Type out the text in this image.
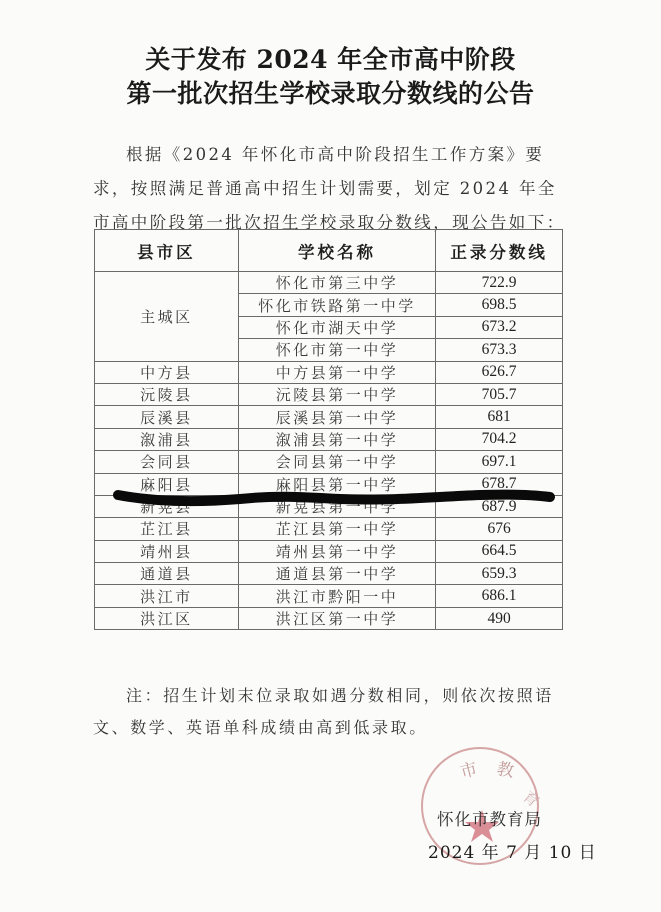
关于发布 2024 年全市高中阶段
第一批次招生学校录取分数线的公告
根据《2024 年怀化市高中阶段招生工作方案》要求，按照满足普通高中招生计划需要，划定 2024 年全市高中阶段第一批次招生学校录取分数线，现公告如下：
县市区	学校名称	正录分数线
主城区	怀化市第三中学	722.9
	怀化市铁路第一中学	698.5
	怀化市湖天中学	673.2
	怀化市第一中学	673.3
中方县	中方县第一中学	626.7
沅陵县	沅陵县第一中学	705.7
辰溪县	辰溪县第一中学	681
溆浦县	溆浦县第一中学	704.2
会同县	会同县第一中学	697.1
麻阳县	麻阳县第一中学	678.7
新晃县	新晃县第一中学	687.9
芷江县	芷江县第一中学	676
靖州县	靖州县第一中学	664.5
通道县	通道县第一中学	659.3
洪江市	洪江市黔阳一中	686.1
洪江区	洪江区第一中学	490
注：招生计划末位录取如遇分数相同，则依次按照语文、数学、英语单科成绩由高到低录取。
市 教
育
怀化市教育局
2024 年 7 月 10 日
